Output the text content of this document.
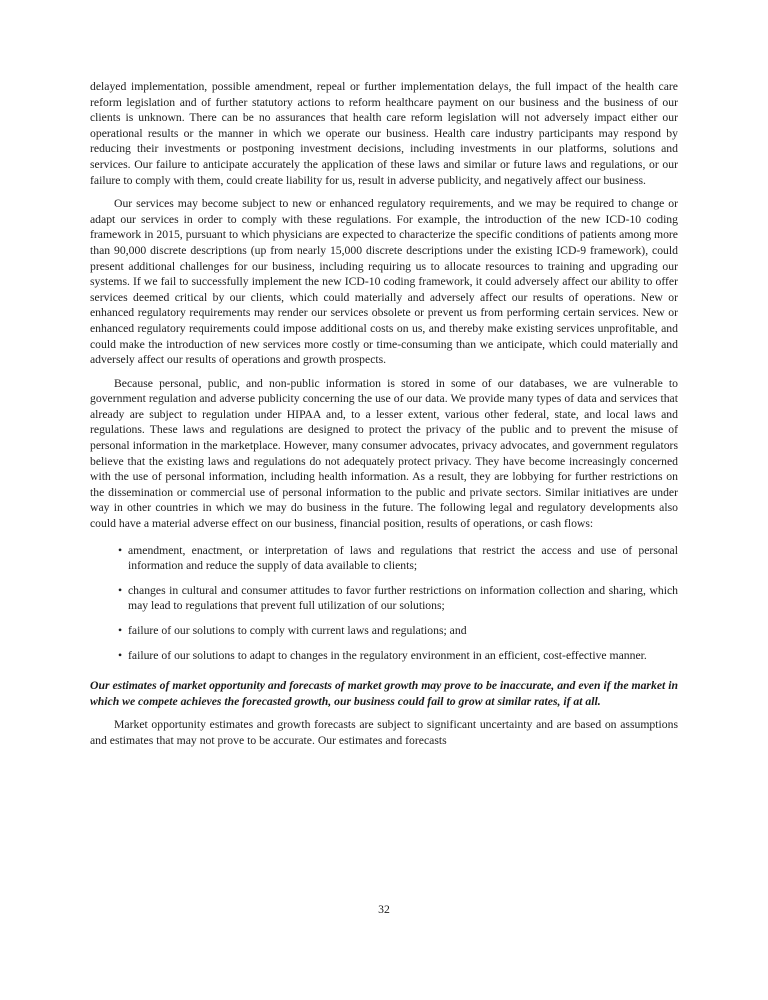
delayed implementation, possible amendment, repeal or further implementation delays, the full impact of the health care reform legislation and of further statutory actions to reform healthcare payment on our business and the business of our clients is unknown. There can be no assurances that health care reform legislation will not adversely impact either our operational results or the manner in which we operate our business. Health care industry participants may respond by reducing their investments or postponing investment decisions, including investments in our platforms, solutions and services. Our failure to anticipate accurately the application of these laws and similar or future laws and regulations, or our failure to comply with them, could create liability for us, result in adverse publicity, and negatively affect our business.

Our services may become subject to new or enhanced regulatory requirements, and we may be required to change or adapt our services in order to comply with these regulations. For example, the introduction of the new ICD-10 coding framework in 2015, pursuant to which physicians are expected to characterize the specific conditions of patients among more than 90,000 discrete descriptions (up from nearly 15,000 discrete descriptions under the existing ICD-9 framework), could present additional challenges for our business, including requiring us to allocate resources to training and upgrading our systems. If we fail to successfully implement the new ICD-10 coding framework, it could adversely affect our ability to offer services deemed critical by our clients, which could materially and adversely affect our results of operations. New or enhanced regulatory requirements may render our services obsolete or prevent us from performing certain services. New or enhanced regulatory requirements could impose additional costs on us, and thereby make existing services unprofitable, and could make the introduction of new services more costly or time-consuming than we anticipate, which could materially and adversely affect our results of operations and growth prospects.

Because personal, public, and non-public information is stored in some of our databases, we are vulnerable to government regulation and adverse publicity concerning the use of our data. We provide many types of data and services that already are subject to regulation under HIPAA and, to a lesser extent, various other federal, state, and local laws and regulations. These laws and regulations are designed to protect the privacy of the public and to prevent the misuse of personal information in the marketplace. However, many consumer advocates, privacy advocates, and government regulators believe that the existing laws and regulations do not adequately protect privacy. They have become increasingly concerned with the use of personal information, including health information. As a result, they are lobbying for further restrictions on the dissemination or commercial use of personal information to the public and private sectors. Similar initiatives are under way in other countries in which we may do business in the future. The following legal and regulatory developments also could have a material adverse effect on our business, financial position, results of operations, or cash flows:

• amendment, enactment, or interpretation of laws and regulations that restrict the access and use of personal information and reduce the supply of data available to clients;
• changes in cultural and consumer attitudes to favor further restrictions on information collection and sharing, which may lead to regulations that prevent full utilization of our solutions;
• failure of our solutions to comply with current laws and regulations; and
• failure of our solutions to adapt to changes in the regulatory environment in an efficient, cost-effective manner.

Our estimates of market opportunity and forecasts of market growth may prove to be inaccurate, and even if the market in which we compete achieves the forecasted growth, our business could fail to grow at similar rates, if at all.

Market opportunity estimates and growth forecasts are subject to significant uncertainty and are based on assumptions and estimates that may not prove to be accurate. Our estimates and forecasts

32
